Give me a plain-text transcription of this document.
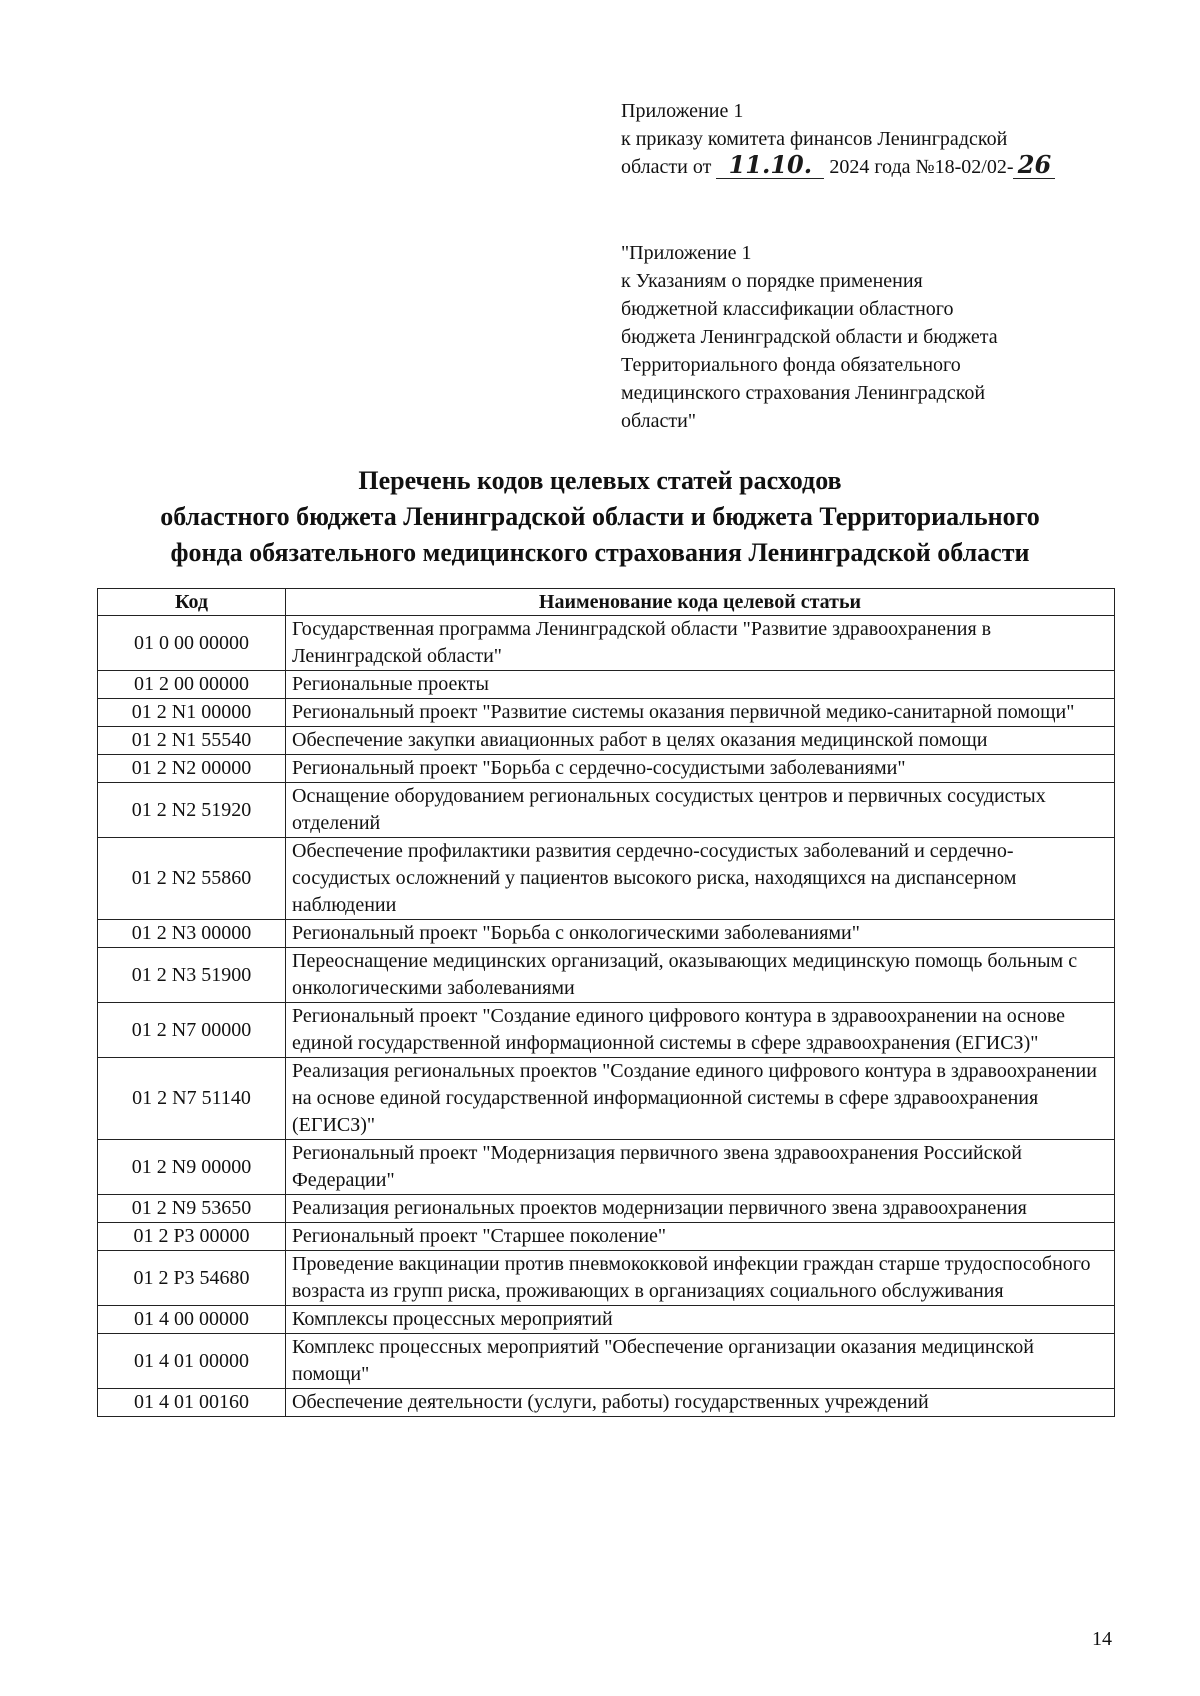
Приложение 1

к приказу комитета финансов Ленинградской

области от 11.10. 2024 года №18-02/02- 26

"Приложение 1

к Указаниям о порядке применения

бюджетной классификации областного

бюджета Ленинградской области и бюджета

Территориального фонда обязательного

медицинского страхования Ленинградской

области"

Перечень кодов целевых статей расходов
областного бюджета Ленинградской области и бюджета Территориального
фонда обязательного медицинского страхования Ленинградской области
Код	Наименование кода целевой статьи
01 0 00 00000	Государственная программа Ленинградской области "Развитие здравоохранения в Ленинградской области"
01 2 00 00000	Региональные проекты
01 2 N1 00000	Региональный проект "Развитие системы оказания первичной медико-санитарной помощи"
01 2 N1 55540	Обеспечение закупки авиационных работ в целях оказания медицинской помощи
01 2 N2 00000	Региональный проект "Борьба с сердечно-сосудистыми заболеваниями"
01 2 N2 51920	Оснащение оборудованием региональных сосудистых центров и первичных сосудистых отделений
01 2 N2 55860	Обеспечение профилактики развития сердечно-сосудистых заболеваний и сердечно-сосудистых осложнений у пациентов высокого риска, находящихся на диспансерном наблюдении
01 2 N3 00000	Региональный проект "Борьба с онкологическими заболеваниями"
01 2 N3 51900	Переоснащение медицинских организаций, оказывающих медицинскую помощь больным с онкологическими заболеваниями
01 2 N7 00000	Региональный проект "Создание единого цифрового контура в здравоохранении на основе единой государственной информационной системы в сфере здравоохранения (ЕГИСЗ)"
01 2 N7 51140	Реализация региональных проектов "Создание единого цифрового контура в здравоохранении на основе единой государственной информационной системы в сфере здравоохранения (ЕГИСЗ)"
01 2 N9 00000	Региональный проект "Модернизация первичного звена здравоохранения Российской Федерации"
01 2 N9 53650	Реализация региональных проектов модернизации первичного звена здравоохранения
01 2 P3 00000	Региональный проект "Старшее поколение"
01 2 P3 54680	Проведение вакцинации против пневмококковой инфекции граждан старше трудоспособного возраста из групп риска, проживающих в организациях социального обслуживания
01 4 00 00000	Комплексы процессных мероприятий
01 4 01 00000	Комплекс процессных мероприятий "Обеспечение организации оказания медицинской помощи"
01 4 01 00160	Обеспечение деятельности (услуги, работы) государственных учреждений
14
